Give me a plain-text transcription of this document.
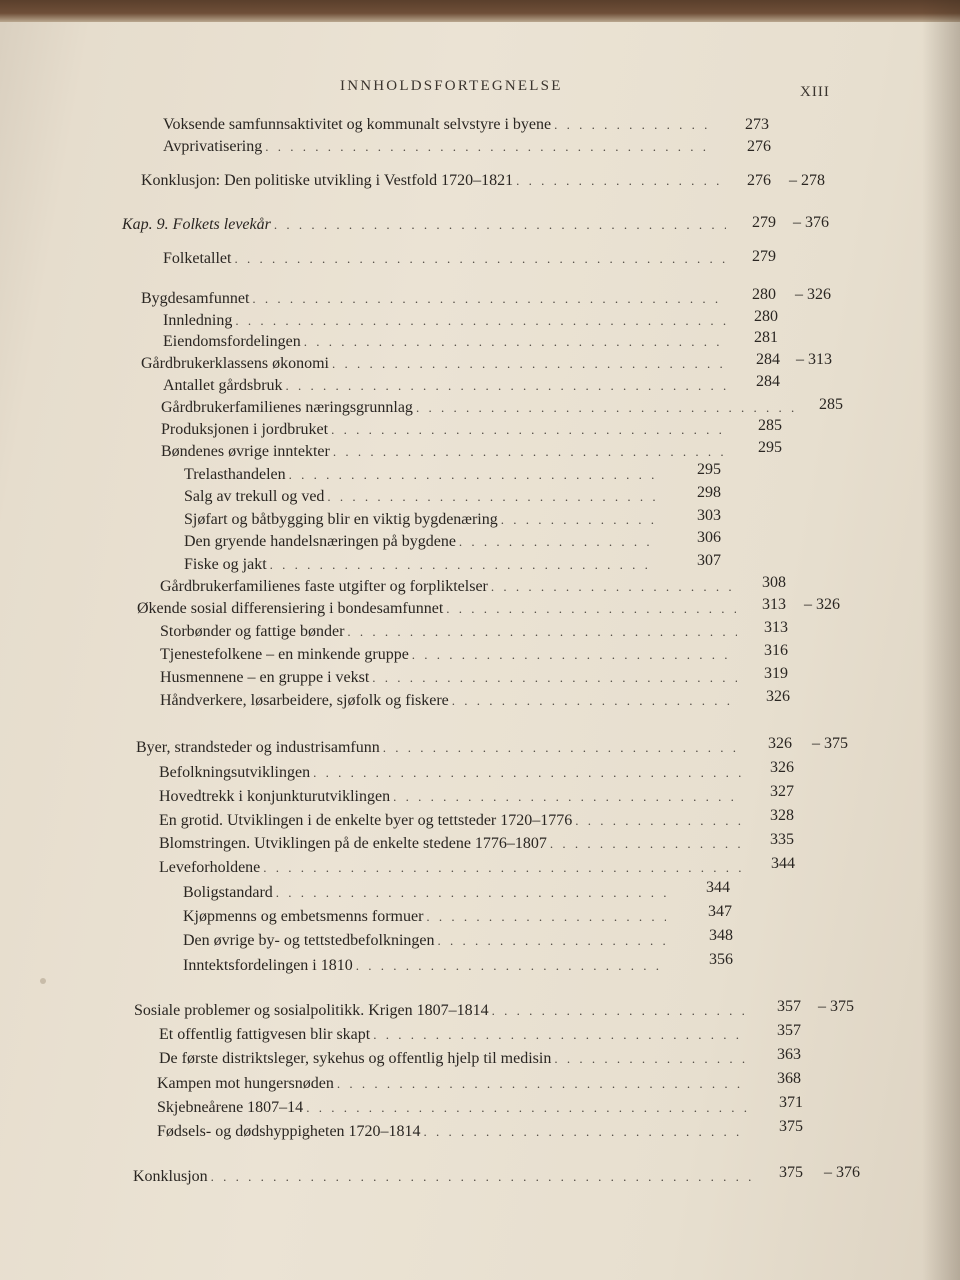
INNHOLDSFORTEGNELSE	XIII
Voksende samfunnsaktivitet og kommunalt selvstyre i byene . . .	273
Avprivatisering . . .	276
Konklusjon: Den politiske utvikling i Vestfold 1720–1821 . . .	276 – 278
Kap. 9. Folkets levekår . . .	279 – 376
Folketallet . . .	279
Bygdesamfunnet . . .	280 – 326
Innledning . . .	280
Eiendomsfordelingen . . .	281
Gårdbrukerklassens økonomi . . .	284 – 313
Antallet gårdsbruk . . .	284
Gårdbrukerfamilienes næringsgrunnlag . . .	285
Produksjonen i jordbruket . . .	285
Bøndenes øvrige inntekter . . .	295
Trelasthandelen . . .	295
Salg av trekull og ved . . .	298
Sjøfart og båtbygging blir en viktig bygdenæring . . .	303
Den gryende handelsnæringen på bygdene . . .	306
Fiske og jakt . . .	307
Gårdbrukerfamilienes faste utgifter og forpliktelser . . .	308
Økende sosial differensiering i bondesamfunnet . . .	313 – 326
Storbønder og fattige bønder . . .	313
Tjenestefolkene – en minkende gruppe . . .	316
Husmennene – en gruppe i vekst . . .	319
Håndverkere, løsarbeidere, sjøfolk og fiskere . . .	326
Byer, strandsteder og industrisamfunn . . .	326 – 375
Befolkningsutviklingen . . .	326
Hovedtrekk i konjunkturutviklingen . . .	327
En grotid. Utviklingen i de enkelte byer og tettsteder 1720–1776 . . .	328
Blomstringen. Utviklingen på de enkelte stedene 1776–1807 . . .	335
Leveforholdene . . .	344
Boligstandard . . .	344
Kjøpmenns og embetsmenns formuer . . .	347
Den øvrige by- og tettstedbefolkningen . . .	348
Inntektsfordelingen i 1810 . . .	356
Sosiale problemer og sosialpolitikk. Krigen 1807–1814 . . .	357 – 375
Et offentlig fattigvesen blir skapt . . .	357
De første distriktsleger, sykehus og offentlig hjelp til medisin . . .	363
Kampen mot hungersnøden . . .	368
Skjebneårene 1807–14 . . .	371
Fødsels- og dødshyppigheten 1720–1814 . . .	375
Konklusjon . . .	375 – 376
